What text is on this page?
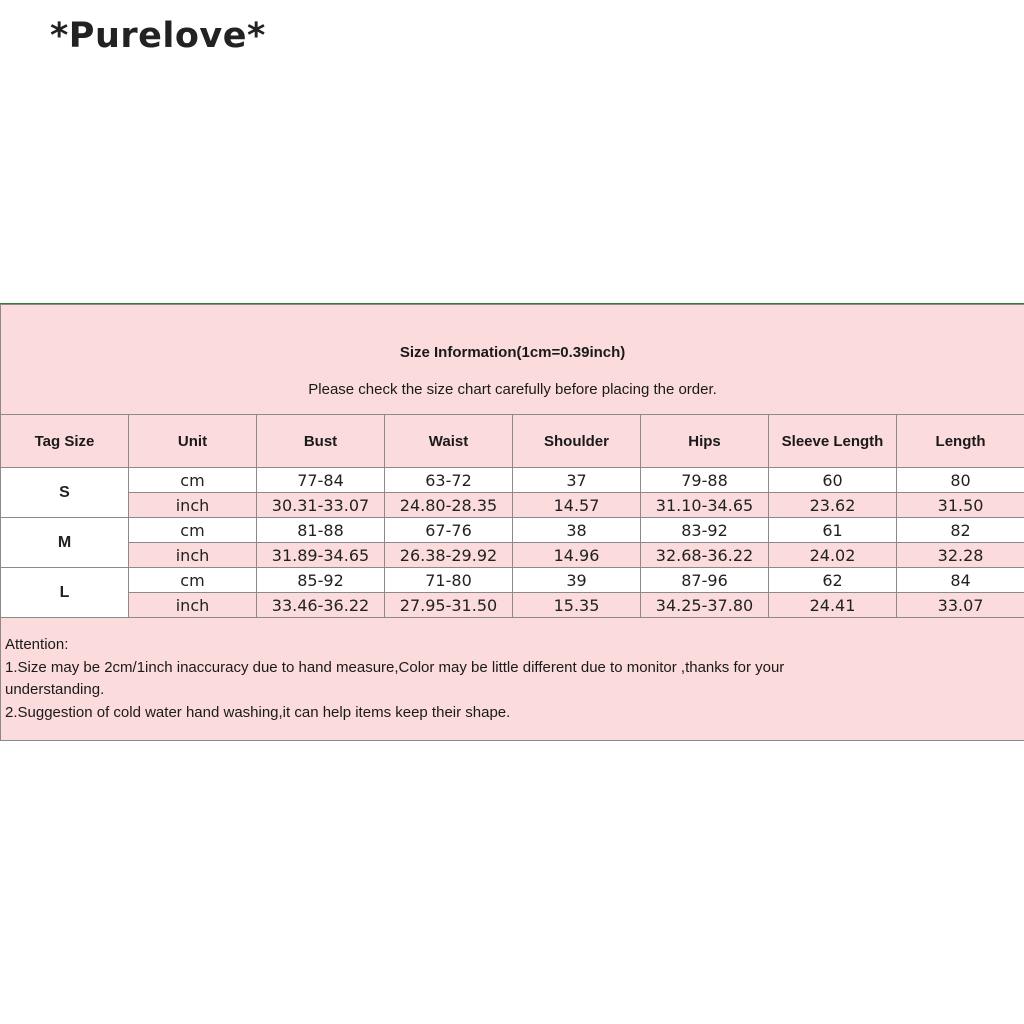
*Purelove*
Size Information(1cm=0.39inch)							
Please check the size chart carefully before placing the order.							
Tag Size	Unit	Bust	Waist	Shoulder	Hips	Sleeve Length	Length
S	cm	77-84	63-72	37	79-88	60	80
	inch	30.31-33.07	24.80-28.35	14.57	31.10-34.65	23.62	31.50
M	cm	81-88	67-76	38	83-92	61	82
	inch	31.89-34.65	26.38-29.92	14.96	32.68-36.22	24.02	32.28
L	cm	85-92	71-80	39	87-96	62	84
	inch	33.46-36.22	27.95-31.50	15.35	34.25-37.80	24.41	33.07

Attention:
1.Size may be 2cm/1inch inaccuracy due to hand measure,Color may be little different due to monitor ,thanks for your
understanding.
2.Suggestion of cold water hand washing,it can help items keep their shape.							
